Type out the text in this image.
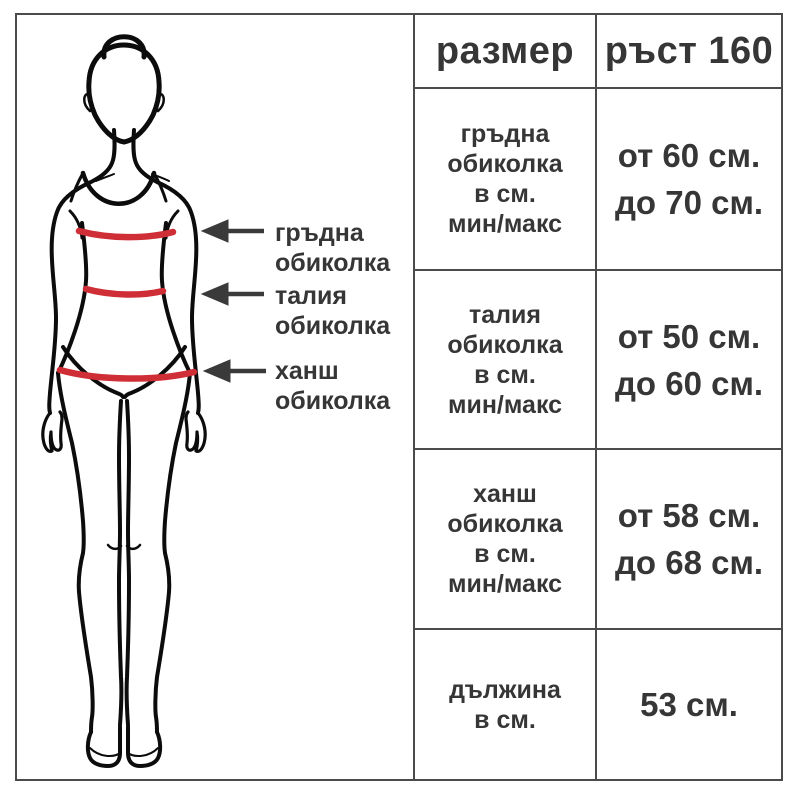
гръдна
обиколка
талия
обиколка
ханш
обиколка
размер ръст 160
гръдна
обиколка
в см.
мин/макс
от 60 см.
до 70 см.
талия
обиколка
в см.
мин/макс
от 50 см.
до 60 см.
ханш
обиколка
в см.
мин/макс
от 58 см.
до 68 см.
дължина
в см.	53 см.
